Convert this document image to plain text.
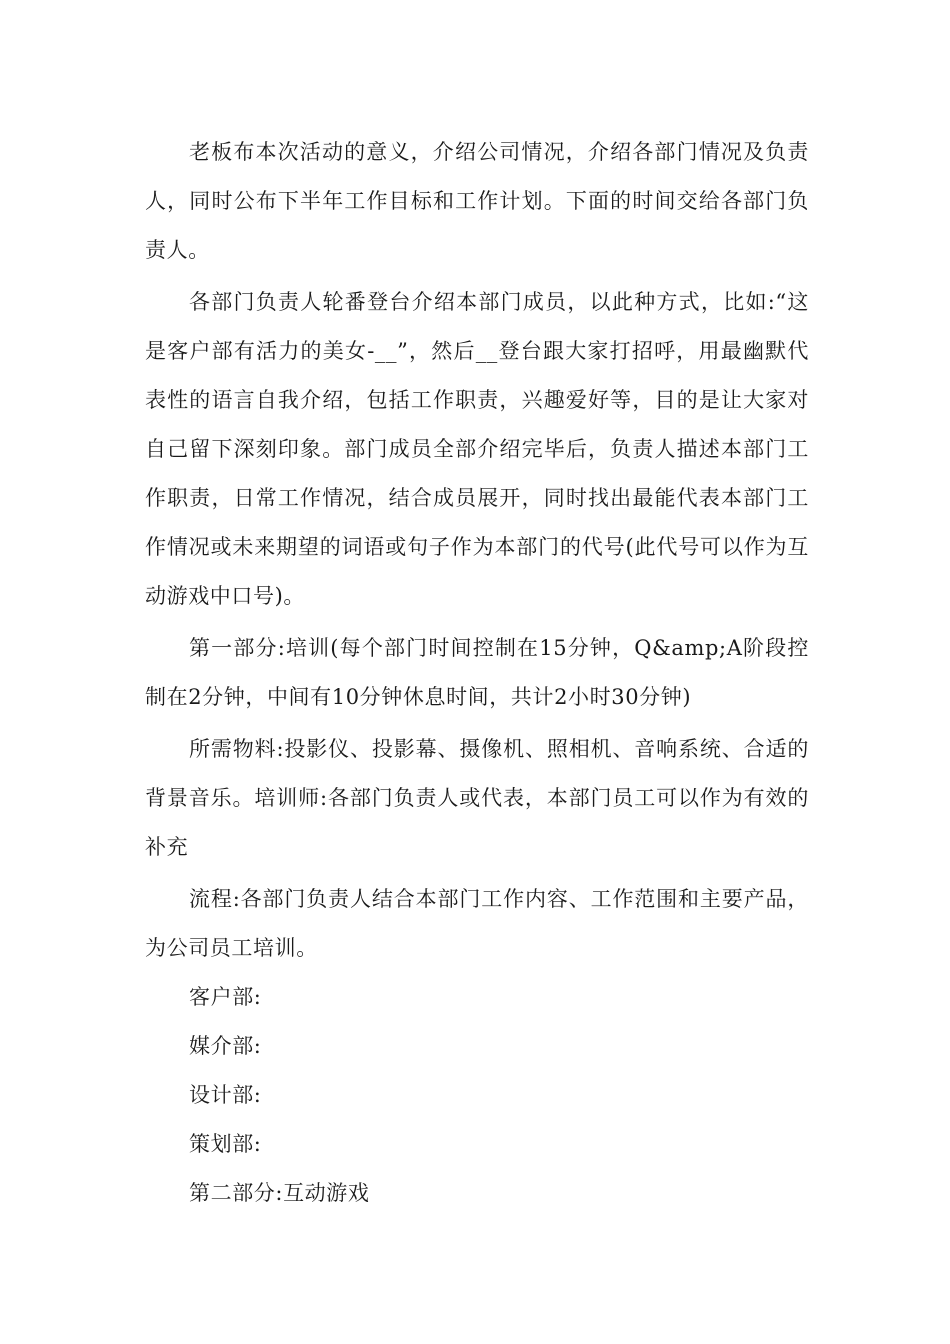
老板布本次活动的意义，介绍公司情况，介绍各部门情况及负责人，同时公布下半年工作目标和工作计划。下面的时间交给各部门负责人。

各部门负责人轮番登台介绍本部门成员，以此种方式，比如:“这是客户部有活力的美女-__”，然后__登台跟大家打招呼，用最幽默代表性的语言自我介绍，包括工作职责，兴趣爱好等，目的是让大家对自己留下深刻印象。部门成员全部介绍完毕后，负责人描述本部门工作职责，日常工作情况，结合成员展开，同时找出最能代表本部门工作情况或未来期望的词语或句子作为本部门的代号(此代号可以作为互动游戏中口号)。

第一部分:培训(每个部门时间控制在15分钟，Q&amp;A阶段控制在2分钟，中间有10分钟休息时间，共计2小时30分钟)

所需物料:投影仪、投影幕、摄像机、照相机、音响系统、合适的背景音乐。培训师:各部门负责人或代表，本部门员工可以作为有效的补充

流程:各部门负责人结合本部门工作内容、工作范围和主要产品，为公司员工培训。

客户部:

媒介部:

设计部:

策划部:

第二部分:互动游戏
